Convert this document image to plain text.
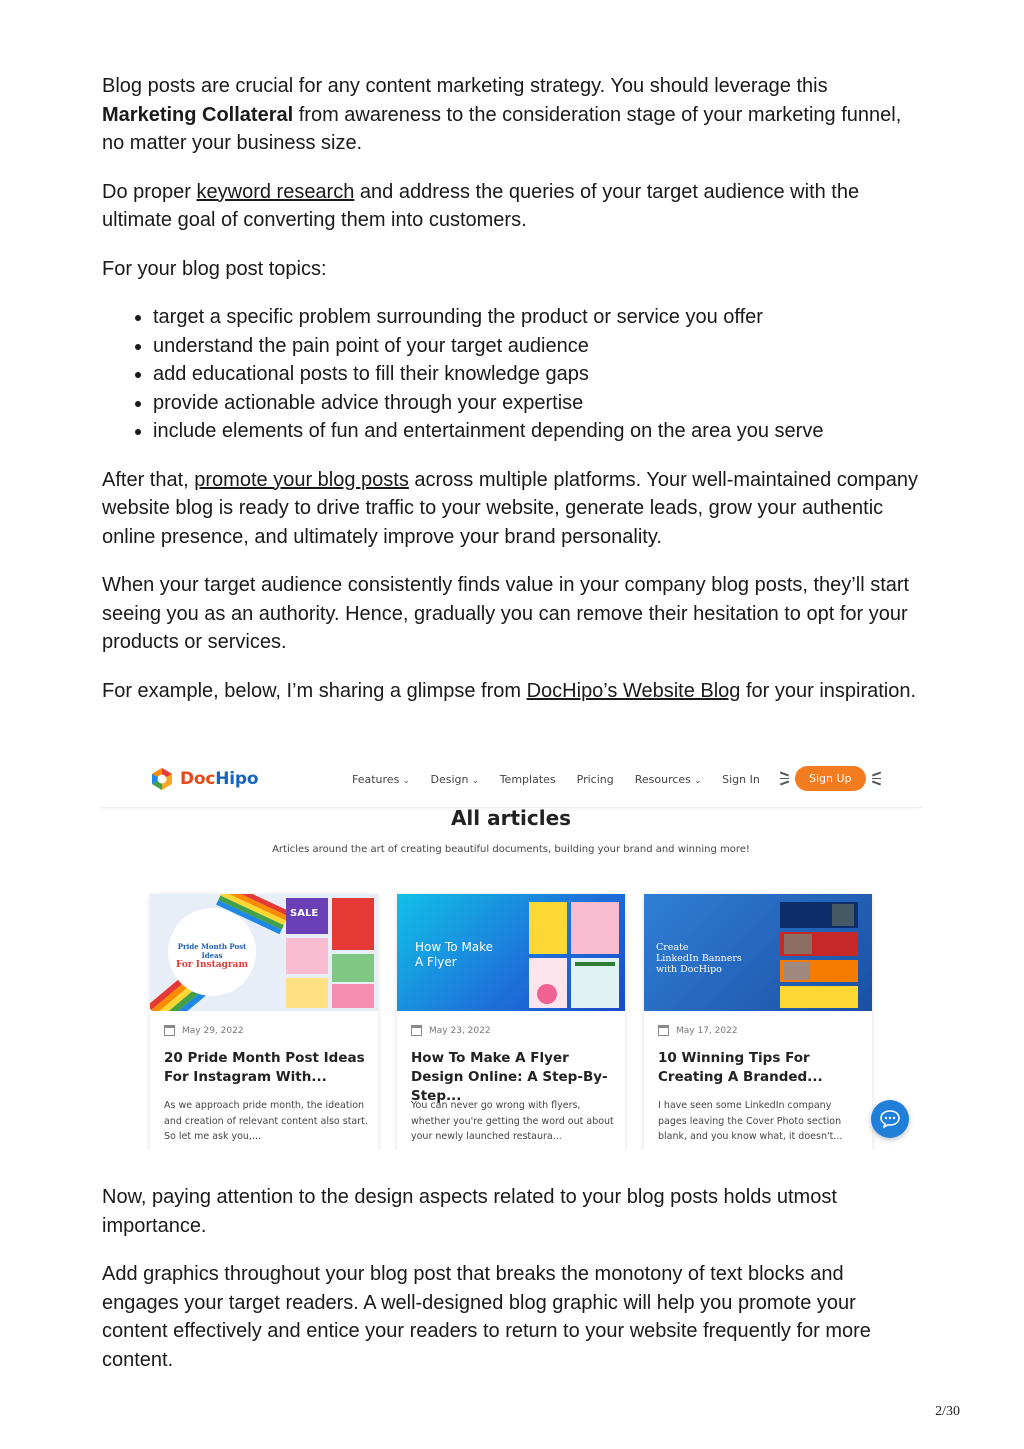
Blog posts are crucial for any content marketing strategy. You should leverage this Marketing Collateral from awareness to the consideration stage of your marketing funnel, no matter your business size.

Do proper keyword research and address the queries of your target audience with the ultimate goal of converting them into customers.

For your blog post topics:

• target a specific problem surrounding the product or service you offer
• understand the pain point of your target audience
• add educational posts to fill their knowledge gaps
• provide actionable advice through your expertise
• include elements of fun and entertainment depending on the area you serve

After that, promote your blog posts across multiple platforms. Your well-maintained company website blog is ready to drive traffic to your website, generate leads, grow your authentic online presence, and ultimately improve your brand personality.

When your target audience consistently finds value in your company blog posts, they’ll start seeing you as an authority. Hence, gradually you can remove their hesitation to opt for your products or services.

For example, below, I’m sharing a glimpse from DocHipo’s Website Blog for your inspiration.

Now, paying attention to the design aspects related to your blog posts holds utmost importance.

Add graphics throughout your blog post that breaks the monotony of text blocks and engages your target readers. A well-designed blog graphic will help you promote your content effectively and entice your readers to return to your website frequently for more content.

DocHipo	Features ⌄ Design ⌄ Templates Pricing Resources ⌄ Sign In	Sign Up
All articles
Articles around the art of creating beautiful documents, building your brand and winning more!
SALE
Pride Month Post Ideas
For Instagram
May 29, 2022
20 Pride Month Post Ideas For Instagram With...
As we approach pride month, the ideation and creation of relevant content also start. So let me ask you,...
How To Make
A Flyer
May 23, 2022
How To Make A Flyer Design Online: A Step-By-Step...
You can never go wrong with flyers, whether you're getting the word out about your newly launched restaura...
Create
LinkedIn Banners
with DocHipo
May 17, 2022
10 Winning Tips For Creating A Branded...
I have seen some LinkedIn company pages leaving the Cover Photo section blank, and you know what, it doesn't...
2/30
